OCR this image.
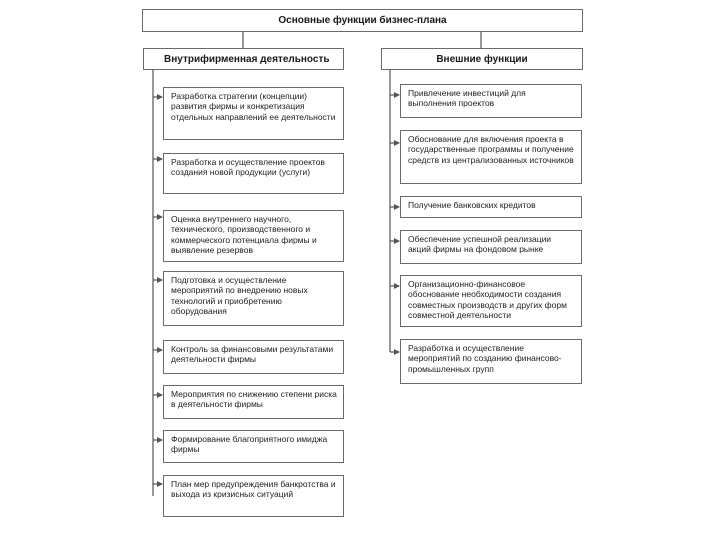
Основные функции бизнес-плана
Внутрифирменная деятельность	Внешние функции
Разработка стратегии (концепции) развития фирмы и конкретизация отдельных направлений ее деятельности
Разработка и осуществление проектов создания новой продукции (услуги)
Оценка внутреннего научного, технического, производственного и коммерческого потенциала фирмы и выявление резервов
Подготовка и осуществление мероприятий по внедрению новых технологий и приобретению оборудования
Контроль за финансовыми результатами деятельности фирмы
Мероприятия по снижению степени риска в деятельности фирмы
Формирование благоприятного имиджа фирмы
План мер предупреждения банкротства и выхода из кризисных ситуаций
Привлечение инвестиций для выполнения проектов
Обоснование для включения проекта в государственные программы и получение средств из централизованных источников
Получение банковских кредитов
Обеспечение успешной реализации акций фирмы на фондовом рынке
Организационно-финансовое обоснование необходимости создания совместных производств и других форм совместной деятельности
Разработка и осуществление мероприятий по созданию финансово-промышленных групп
